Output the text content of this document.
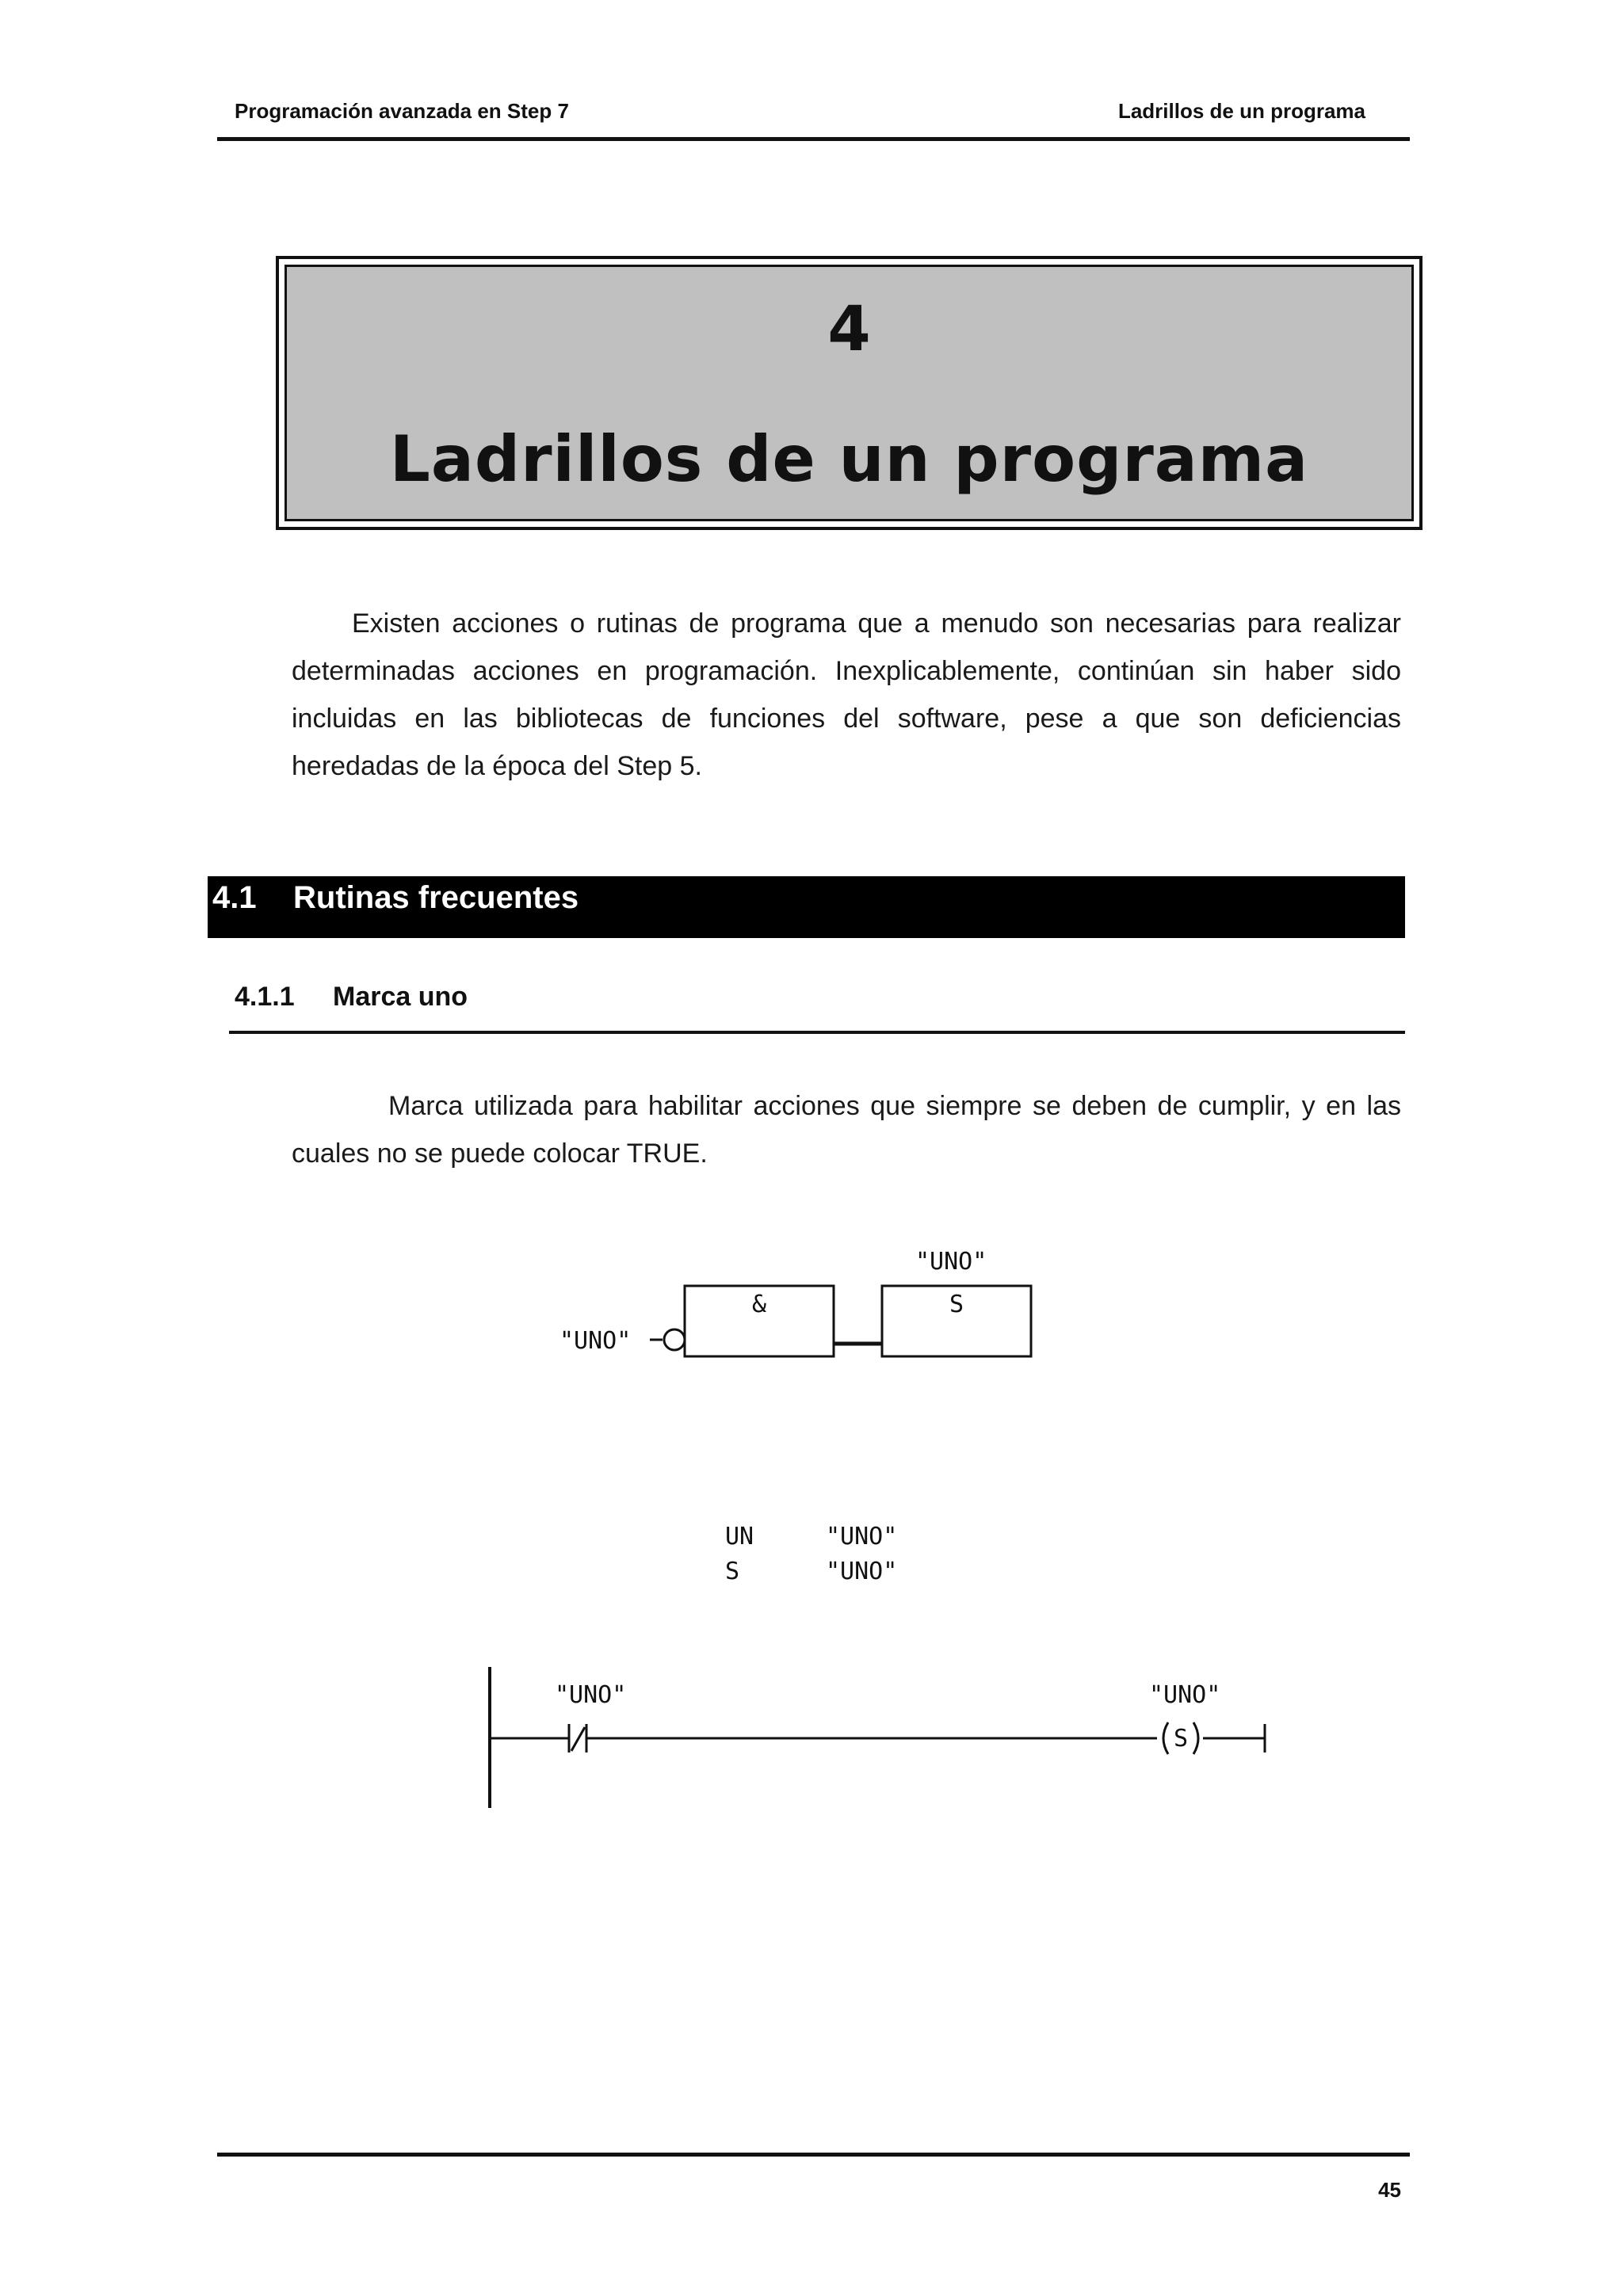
Programación avanzada en Step 7	Ladrillos de un programa
4
Ladrillos de un programa
Existen acciones o rutinas de programa que a menudo son necesarias para realizar determinadas acciones en programación. Inexplicablemente, continúan sin haber sido incluidas en las bibliotecas de funciones del software, pese a que son deficiencias heredadas de la época del Step 5.
4.1 Rutinas frecuentes
4.1.1 Marca uno
Marca utilizada para habilitar acciones que siempre se deben de cumplir, y en las cuales no se puede colocar TRUE.
"UNO"
&	S
"UNO"
"UNO"
S
"UNO"
UN	"UNO"
S	"UNO"
45
